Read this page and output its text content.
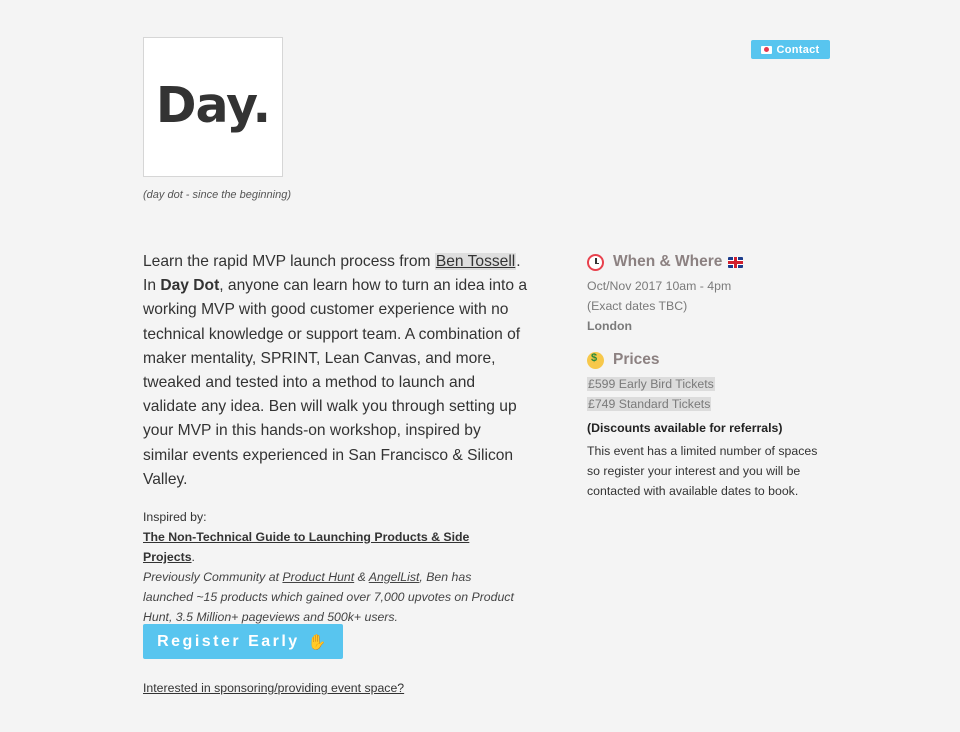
Day.
(day dot - since the beginning)
Contact
Learn the rapid MVP launch process from Ben Tossell. In Day Dot, anyone can learn how to turn an idea into a working MVP with good customer experience with no technical knowledge or support team. A combination of maker mentality, SPRINT, Lean Canvas, and more, tweaked and tested into a method to launch and validate any idea. Ben will walk you through setting up your MVP in this hands-on workshop, inspired by similar events experienced in San Francisco & Silicon Valley.
Inspired by:
The Non-Technical Guide to Launching Products & Side Projects.
Previously Community at Product Hunt & AngelList, Ben has launched ~15 products which gained over 7,000 upvotes on Product Hunt, 3.5 Million+ pageviews and 500k+ users.
Register Early ✋
Interested in sponsoring/providing event space?
When & Where
Oct/Nov 2017 10am - 4pm
(Exact dates TBC)
London
$
Prices
£599 Early Bird Tickets
£749 Standard Tickets
(Discounts available for referrals)
This event has a limited number of spaces so register your interest and you will be contacted with available dates to book.
